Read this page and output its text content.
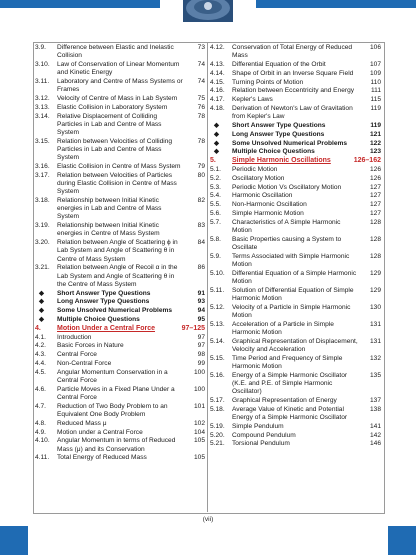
3.9.	Difference between Elastic and Inelastic Collision
73
3.10.	Law of Conservation of Linear Momentum and Kinetic Energy
74
3.11.	Laboratory and Centre of Mass Systems or Frames
74
3.12.	Velocity of Centre of Mass in Lab System	75
3.13.	Elastic Collision in Laboratory System	76
3.14.	Relative Displacement of Colliding Particles in Lab and Centre of Mass System
78
3.15.	Relation between Velocities of Colliding Particles in Lab and Centre of Mass System
78
3.16.	Elastic Collision in Centre of Mass System	79
3.17.	Relation between Velocities of Particles during Elastic Collision in Centre of Mass System
80
3.18.	Relationship between Initial Kinetic energies in Lab and Centre of Mass System
82
3.19.	Relationship between Initial Kinetic energies in Centre of Mass System
83
3.20.	Relation between Angle of Scattering ϕ in Lab System and Angle of Scattering θ in Centre of Mass System
84
3.21.	Relation between Angle of Recoil α in the Lab System and Angle of Scattering θ in the Centre of Mass System
86
◆	Short Answer Type Questions	91
◆	Long Answer Type Questions	93
◆	Some Unsolved Numerical Problems	94
◆	Multiple Choice Questions	95
4.	Motion Under a Central Force	97–125
4.1.	Introduction	97
4.2.	Basic Forces in Nature	97
4.3.	Central Force	98
4.4.	Non-Central Force	99
4.5.	Angular Momentum Conservation in a Central Force
100
4.6.	Particle Moves in a Fixed Plane Under a Central Force
100
4.7.	Reduction of Two Body Problem to an Equivalent One Body Problem
101
4.8.	Reduced Mass μ	102
4.9.	Motion under a Central Force	104
4.10.	Angular Momentum in terms of Reduced Mass (μ) and its Conservation
105
4.11.	Total Energy of Reduced Mass	105
4.12.	Conservation of Total Energy of Reduced Mass
106
4.13.	Differential Equation of the Orbit	107
4.14.	Shape of Orbit in an Inverse Square Field	109
4.15.	Turning Points of Motion	110
4.16.	Relation between Eccentricity and Energy	111
4.17.	Kepler's Laws	115
4.18.	Derivation of Newton's Law of Gravitation from Kepler's Law
119
◆	Short Answer Type Questions	119
◆	Long Answer Type Questions	121
◆	Some Unsolved Numerical Problems	122
◆	Multiple Choice Questions	123
5.	Simple Harmonic Oscillations	126–162
5.1.	Periodic Motion	126
5.2.	Oscillatory Motion	126
5.3.	Periodic Motion Vs Oscillatory Motion	127
5.4.	Harmonic Oscillation	127
5.5.	Non-Harmonic Oscillation	127
5.6.	Simple Harmonic Motion	127
5.7.	Characteristics of A Simple Harmonic Motion
128
5.8.	Basic Properties causing a System to Oscillate
128
5.9.	Terms Associated with Simple Harmonic Motion
128
5.10.	Differential Equation of a Simple Harmonic Motion
129
5.11.	Solution of Differential Equation of Simple Harmonic Motion
129
5.12.	Velocity of a Particle in Simple Harmonic Motion
130
5.13.	Acceleration of a Particle in Simple Harmonic Motion
131
5.14.	Graphical Representation of Displacement, Velocity and Acceleration
131
5.15.	Time Period and Frequency of Simple Harmonic Motion
132
5.16.	Energy of a Simple Harmonic Oscillator (K.E. and P.E. of Simple Harmonic Oscillator)
135
5.17.	Graphical Representation of Energy	137
5.18.	Average Value of Kinetic and Potential Energy of a Simple Harmonic Oscillator
138
5.19.	Simple Pendulum	141
5.20.	Compound Pendulum	142
5.21.	Torsional Pendulum	146
(vii)
